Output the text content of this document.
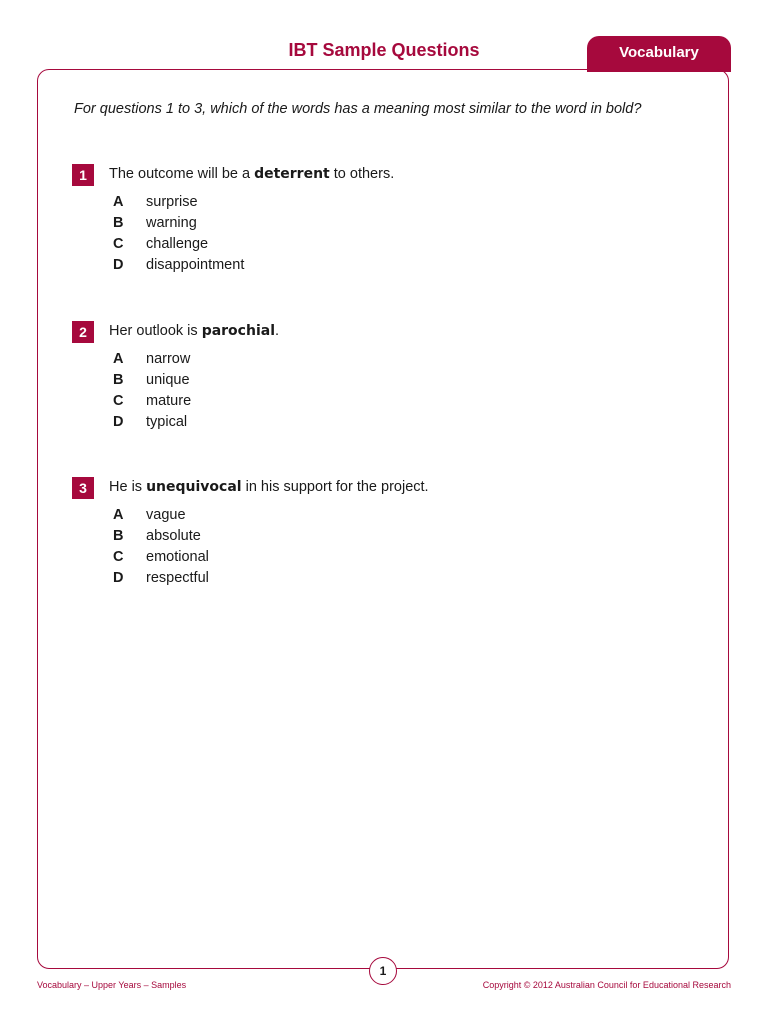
IBT Sample Questions	Vocabulary
For questions 1 to 3, which of the words has a meaning most similar to the word in bold?
1	The outcome will be a deterrent to others.
A surprise
B warning
C challenge
D disappointment
2	Her outlook is parochial.
A narrow
B unique
C mature
D typical
3	He is unequivocal in his support for the project.
A vague
B absolute
C emotional
D respectful
1
Vocabulary – Upper Years – Samples	Copyright © 2012 Australian Council for Educational Research
